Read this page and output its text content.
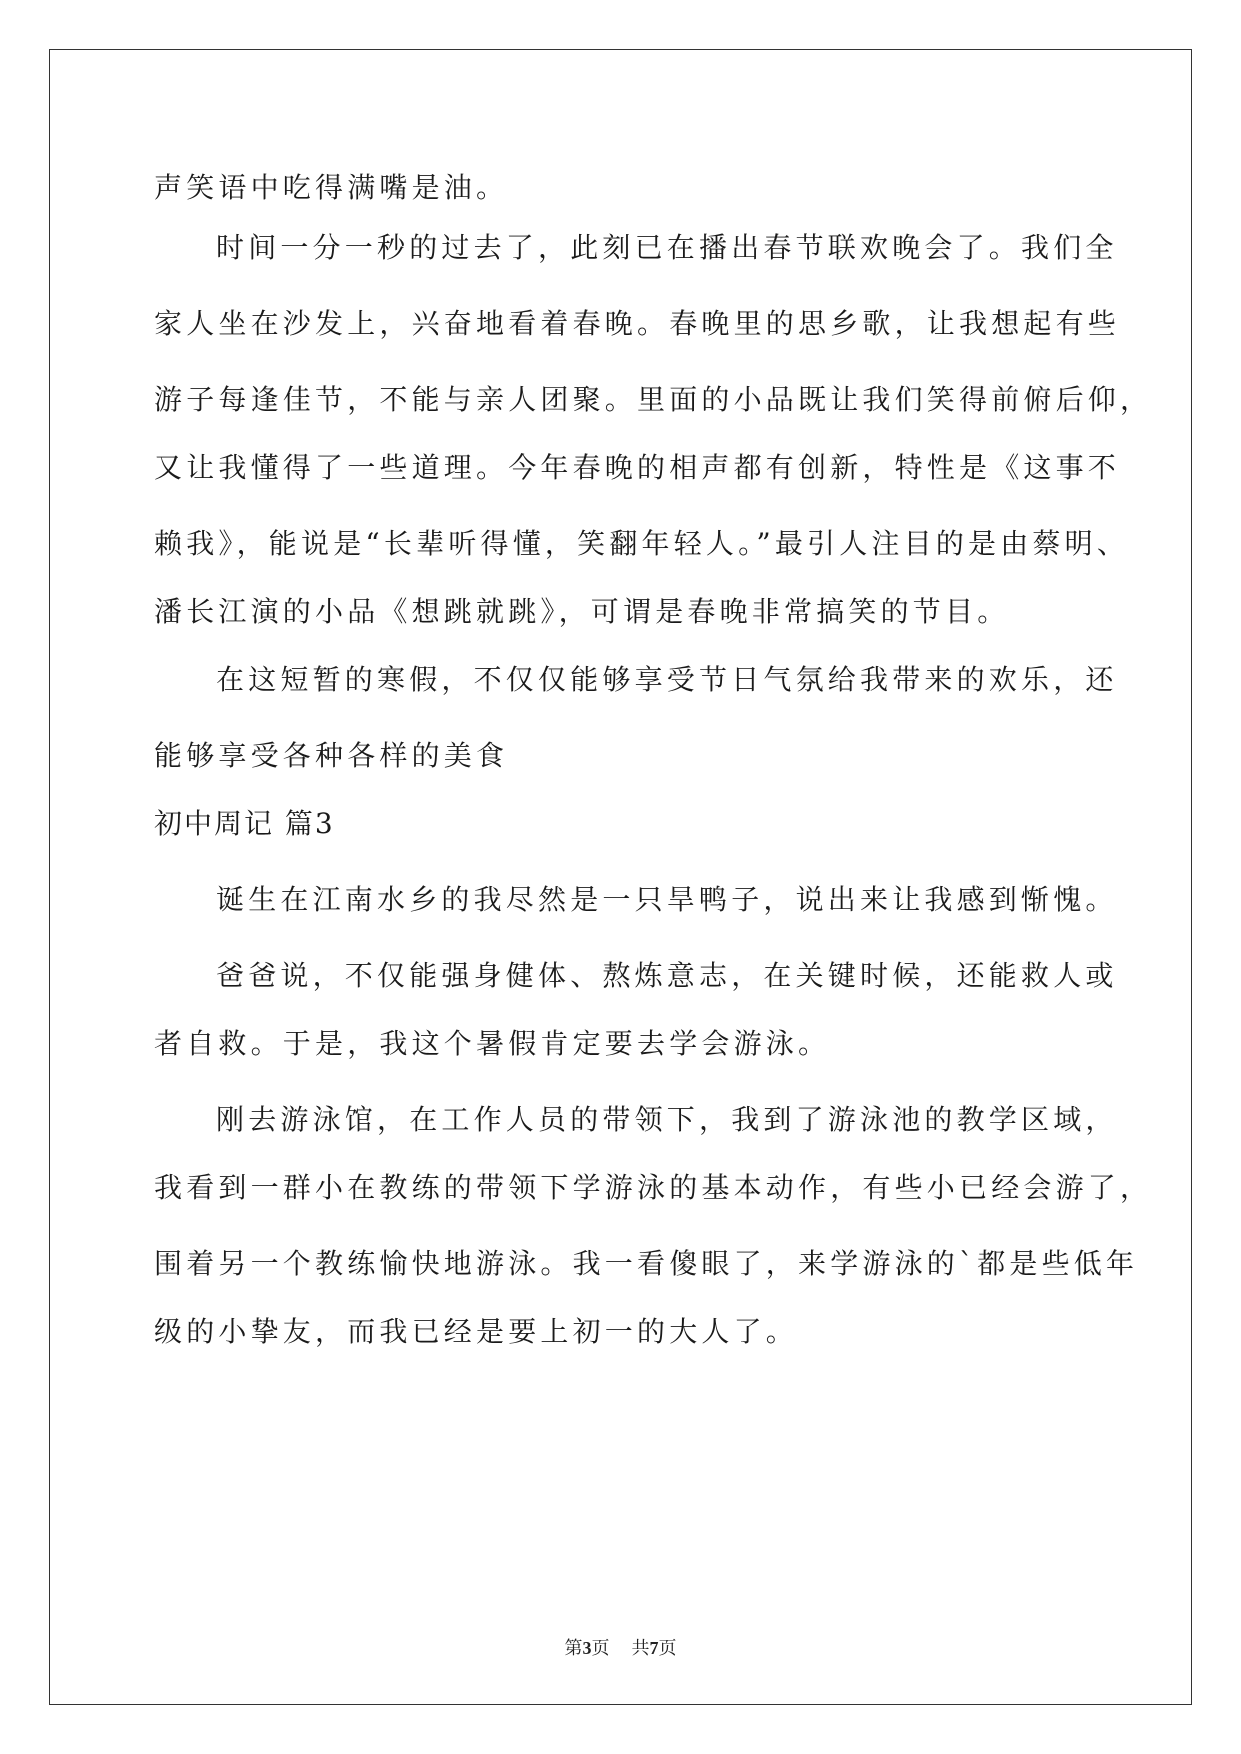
声笑语中吃得满嘴是油。
时间一分一秒的过去了，此刻已在播出春节联欢晚会了。我们全
家人坐在沙发上，兴奋地看着春晚。春晚里的思乡歌，让我想起有些
游子每逢佳节，不能与亲人团聚。里面的小品既让我们笑得前俯后仰，
又让我懂得了一些道理。今年春晚的相声都有创新，特性是《这事不
赖我》，能说是“长辈听得懂，笑翻年轻人。”最引人注目的是由蔡明、
潘长江演的小品《想跳就跳》，可谓是春晚非常搞笑的节目。
在这短暂的寒假，不仅仅能够享受节日气氛给我带来的欢乐，还
能够享受各种各样的美食
初中周记 篇3
诞生在江南水乡的我尽然是一只旱鸭子，说出来让我感到惭愧。
爸爸说，不仅能强身健体、熬炼意志，在关键时候，还能救人或
者自救。于是，我这个暑假肯定要去学会游泳。
刚去游泳馆，在工作人员的带领下，我到了游泳池的教学区域，
我看到一群小在教练的带领下学游泳的基本动作，有些小已经会游了，
围着另一个教练愉快地游泳。我一看傻眼了，来学游泳的`都是些低年
级的小挚友，而我已经是要上初一的大人了。
第3页 共7页
